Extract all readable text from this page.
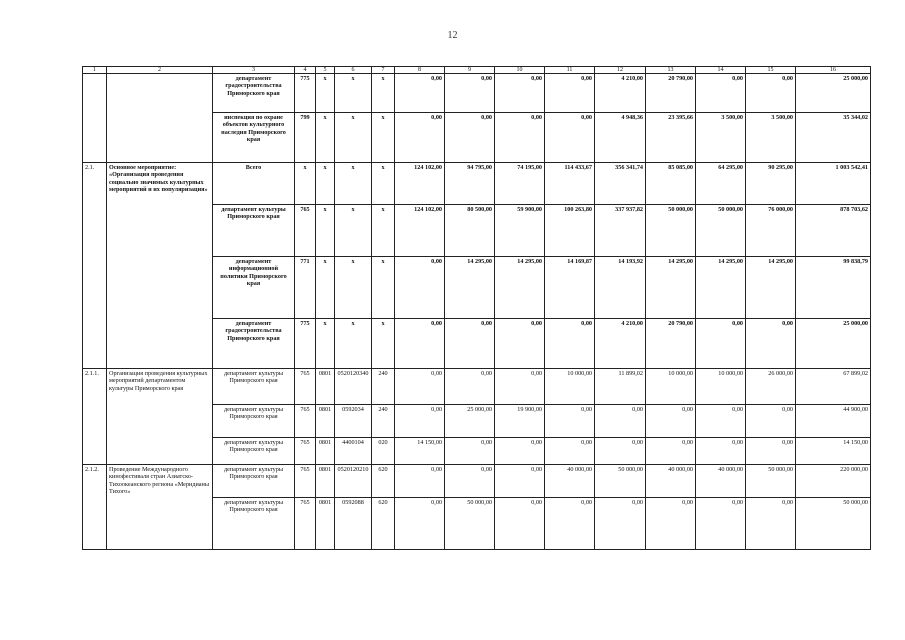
12
1	2	3	4	5	6	7	8	9	10	11	12	13	14	15	16
		департамент градостроительства Приморского края	775	x	x	x	0,00	0,00	0,00	0,00	4 210,00	20 790,00	0,00	0,00	25 000,00
		инспекция по охране объектов культурного наследия Приморского края	799	x	x	x	0,00	0,00	0,00	0,00	4 948,36	23 395,66	3 500,00	3 500,00	35 344,02
2.1.	Основное мероприятие: «Организация проведения социально значимых культурных мероприятий и их популяризация»	Всего	x	x	x	x	124 102,00	94 795,00	74 195,00	114 433,67	356 341,74	85 085,00	64 295,00	90 295,00	1 003 542,41
		департамент культуры Приморского края	765	x	x	x	124 102,00	80 500,00	59 900,00	100 263,80	337 937,82	50 000,00	50 000,00	76 000,00	878 703,62
		департамент информационной политики Приморского края	771	x	x	x	0,00	14 295,00	14 295,00	14 169,87	14 193,92	14 295,00	14 295,00	14 295,00	99 838,79
		департамент градостроительства Приморского края	775	x	x	x	0,00	0,00	0,00	0,00	4 210,00	20 790,00	0,00	0,00	25 000,00
2.1.1.	Организация проведения культурных мероприятий департаментом культуры Приморского края	департамент культуры Приморского края	765	0801	0520120340	240	0,00	0,00	0,00	10 000,00	11 899,02	10 000,00	10 000,00	26 000,00	67 899,02
		департамент культуры Приморского края	765	0801	0592034	240	0,00	25 000,00	19 900,00	0,00	0,00	0,00	0,00	0,00	44 900,00
		департамент культуры Приморского края	765	0801	4400104	020	14 150,00	0,00	0,00	0,00	0,00	0,00	0,00	0,00	14 150,00
2.1.2.	Проведение Международного кинофестиваля стран Азиатско- Тихоокеанского региона «Меридианы Тихого»	департамент культуры Приморского края	765	0801	0520120210	620	0,00	0,00	0,00	40 000,00	50 000,00	40 000,00	40 000,00	50 000,00	220 000,00
		департамент культуры Приморского края	765	0801	0592088	620	0,00	50 000,00	0,00	0,00	0,00	0,00	0,00	0,00	50 000,00
